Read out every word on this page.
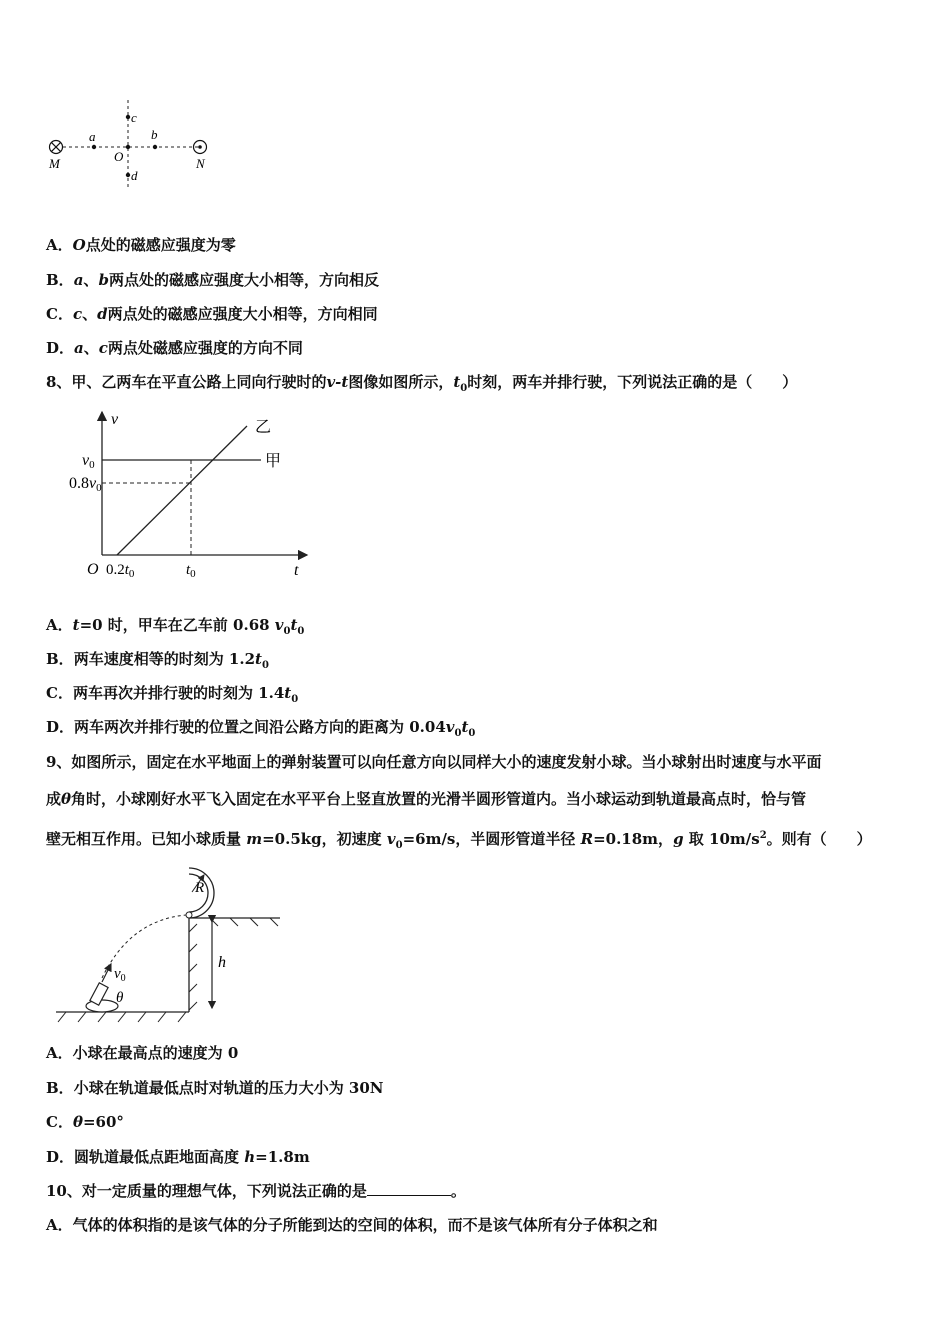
M	N
a	b
c
d
O
A．O点处的磁感应强度为零
B．a、b两点处的磁感应强度大小相等，方向相反
C．c、d两点处的磁感应强度大小相等，方向相同
D．a、c两点处磁感应强度的方向不同
8、甲、乙两车在平直公路上同向行驶时的v-t图像如图所示，$t_0$时刻，两车并排行驶，下列说法正确的是（　　）
v
t
O
v0
0.8v0
$0.2t_0$	$t_0$
乙
甲
A．t=0 时，甲车在乙车前 0.68 $v_0t_0$
B．两车速度相等的时刻为 $1.2t_0$
C．两车再次并排行驶的时刻为 $1.4t_0$
D．两车两次并排行驶的位置之间沿公路方向的距离为 $0.04v_0t_0$
9、如图所示，固定在水平地面上的弹射装置可以向任意方向以同样大小的速度发射小球。当小球射出时速度与水平面
成θ角时，小球刚好水平飞入固定在水平平台上竖直放置的光滑半圆形管道内。当小球运动到轨道最高点时，恰与管
壁无相互作用。已知小球质量 m=0.5kg，初速度 $v_0=6m/s$，半圆形管道半径 R=0.18m，g 取 $10m/s^2$。则有（　　）
R
h
$v_0$
θ
A．小球在最高点的速度为 0
B．小球在轨道最低点时对轨道的压力大小为 30N
C．θ=60°
D．圆轨道最低点距地面高度 h=1.8m
10、对一定质量的理想气体，下列说法正确的是	。
A．气体的体积指的是该气体的分子所能到达的空间的体积，而不是该气体所有分子体积之和
